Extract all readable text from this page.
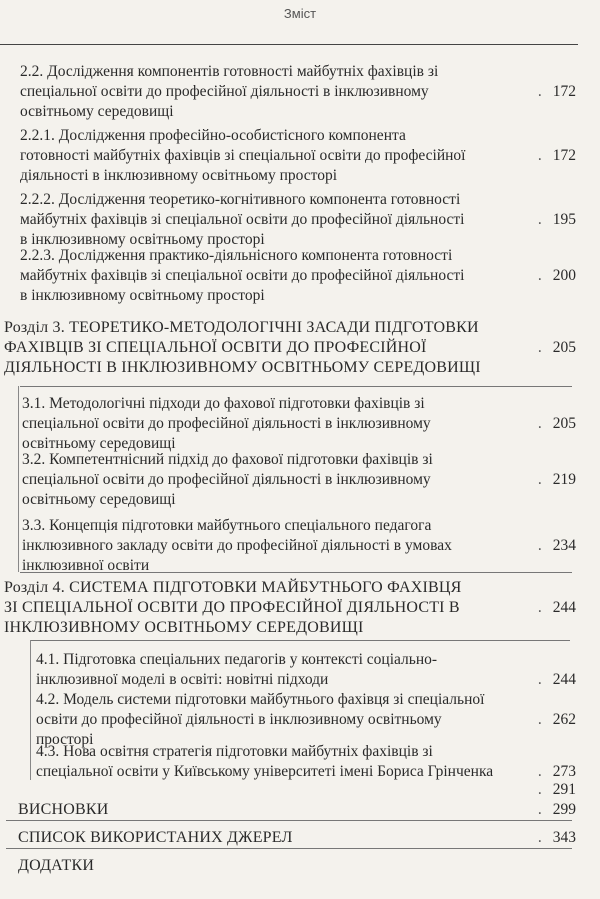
Зміст
2.2. Дослідження компонентів готовності майбутніх фахівців зі
спеціальної освіти до професійної діяльності в інклюзивному
освітньому середовищі
. 172
2.2.1. Дослідження професійно-особистісного компонента
готовності майбутніх фахівців зі спеціальної освіти до професійної
діяльності в інклюзивному освітньому просторі
. 172
2.2.2. Дослідження теоретико-когнітивного компонента готовності
майбутніх фахівців зі спеціальної освіти до професійної діяльності
в інклюзивному освітньому просторі
. 195
2.2.3. Дослідження практико-діяльнісного компонента готовності
майбутніх фахівців зі спеціальної освіти до професійної діяльності
в інклюзивному освітньому просторі
. 200
Розділ 3. ТЕОРЕТИКО-МЕТОДОЛОГІЧНІ ЗАСАДИ ПІДГОТОВКИ
ФАХІВЦІВ ЗІ СПЕЦІАЛЬНОЇ ОСВІТИ ДО ПРОФЕСІЙНОЇ
ДІЯЛЬНОСТІ В ІНКЛЮЗИВНОМУ ОСВІТНЬОМУ СЕРЕДОВИЩІ
. 205
3.1. Методологічні підходи до фахової підготовки фахівців зі
спеціальної освіти до професійної діяльності в інклюзивному
освітньому середовищі
. 205
3.2. Компетентнісний підхід до фахової підготовки фахівців зі
спеціальної освіти до професійної діяльності в інклюзивному
освітньому середовищі
. 219
3.3. Концепція підготовки майбутнього спеціального педагога
інклюзивного закладу освіти до професійної діяльності в умовах
інклюзивної освіти
. 234
Розділ 4. СИСТЕМА ПІДГОТОВКИ МАЙБУТНЬОГО ФАХІВЦЯ
ЗІ СПЕЦІАЛЬНОЇ ОСВІТИ ДО ПРОФЕСІЙНОЇ ДІЯЛЬНОСТІ В
ІНКЛЮЗИВНОМУ ОСВІТНЬОМУ СЕРЕДОВИЩІ
. 244
4.1. Підготовка спеціальних педагогів у контексті соціально-
інклюзивної моделі в освіті: новітні підходи	. 244
4.2. Модель системи підготовки майбутнього фахівця зі спеціальної
освіти до професійної діяльності в інклюзивному освітньому
просторі
. 262
4.3. Нова освітня стратегія підготовки майбутніх фахівців зі
спеціальної освіти у Київському університеті імені Бориса Грінченка	. 273
. 291
ВИСНОВКИ	. 299
СПИСОК ВИКОРИСТАНИХ ДЖЕРЕЛ	. 343
ДОДАТКИ
